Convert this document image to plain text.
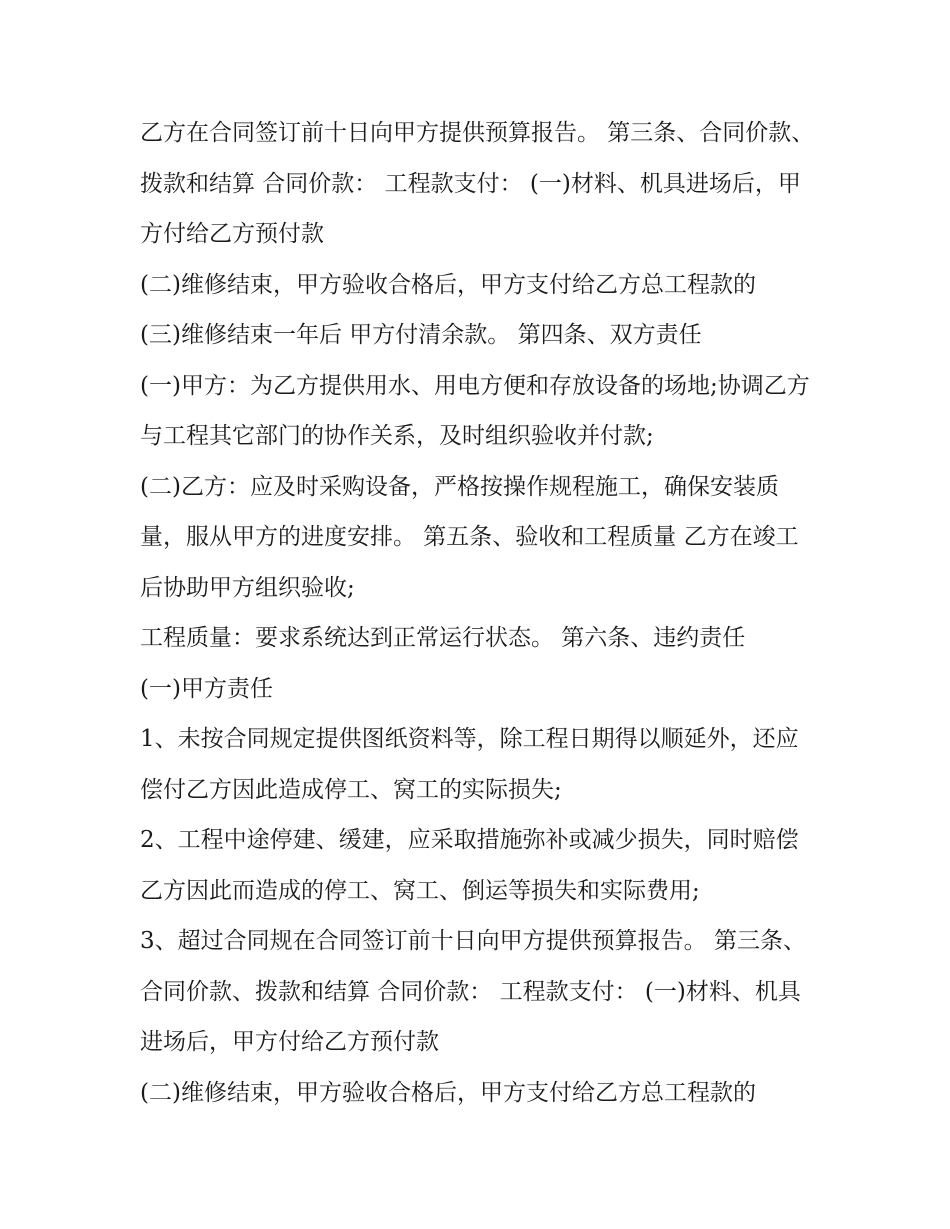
乙方在合同签订前十日向甲方提供预算报告。 第三条、合同价款、拨款和结算 合同价款： 工程款支付： (一)材料、机具进场后，甲方付给乙方预付款

(二)维修结束，甲方验收合格后，甲方支付给乙方总工程款的

(三)维修结束一年后 甲方付清余款。 第四条、双方责任

(一)甲方：为乙方提供用水、用电方便和存放设备的场地;协调乙方与工程其它部门的协作关系，及时组织验收并付款;

(二)乙方：应及时采购设备，严格按操作规程施工，确保安装质量，服从甲方的进度安排。 第五条、验收和工程质量 乙方在竣工后协助甲方组织验收;

工程质量：要求系统达到正常运行状态。 第六条、违约责任

(一)甲方责任

1、未按合同规定提供图纸资料等，除工程日期得以顺延外，还应偿付乙方因此造成停工、窝工的实际损失;

2、工程中途停建、缓建，应采取措施弥补或减少损失，同时赔偿乙方因此而造成的停工、窝工、倒运等损失和实际费用;

3、超过合同规在合同签订前十日向甲方提供预算报告。 第三条、合同价款、拨款和结算 合同价款： 工程款支付： (一)材料、机具进场后，甲方付给乙方预付款

(二)维修结束，甲方验收合格后，甲方支付给乙方总工程款的
